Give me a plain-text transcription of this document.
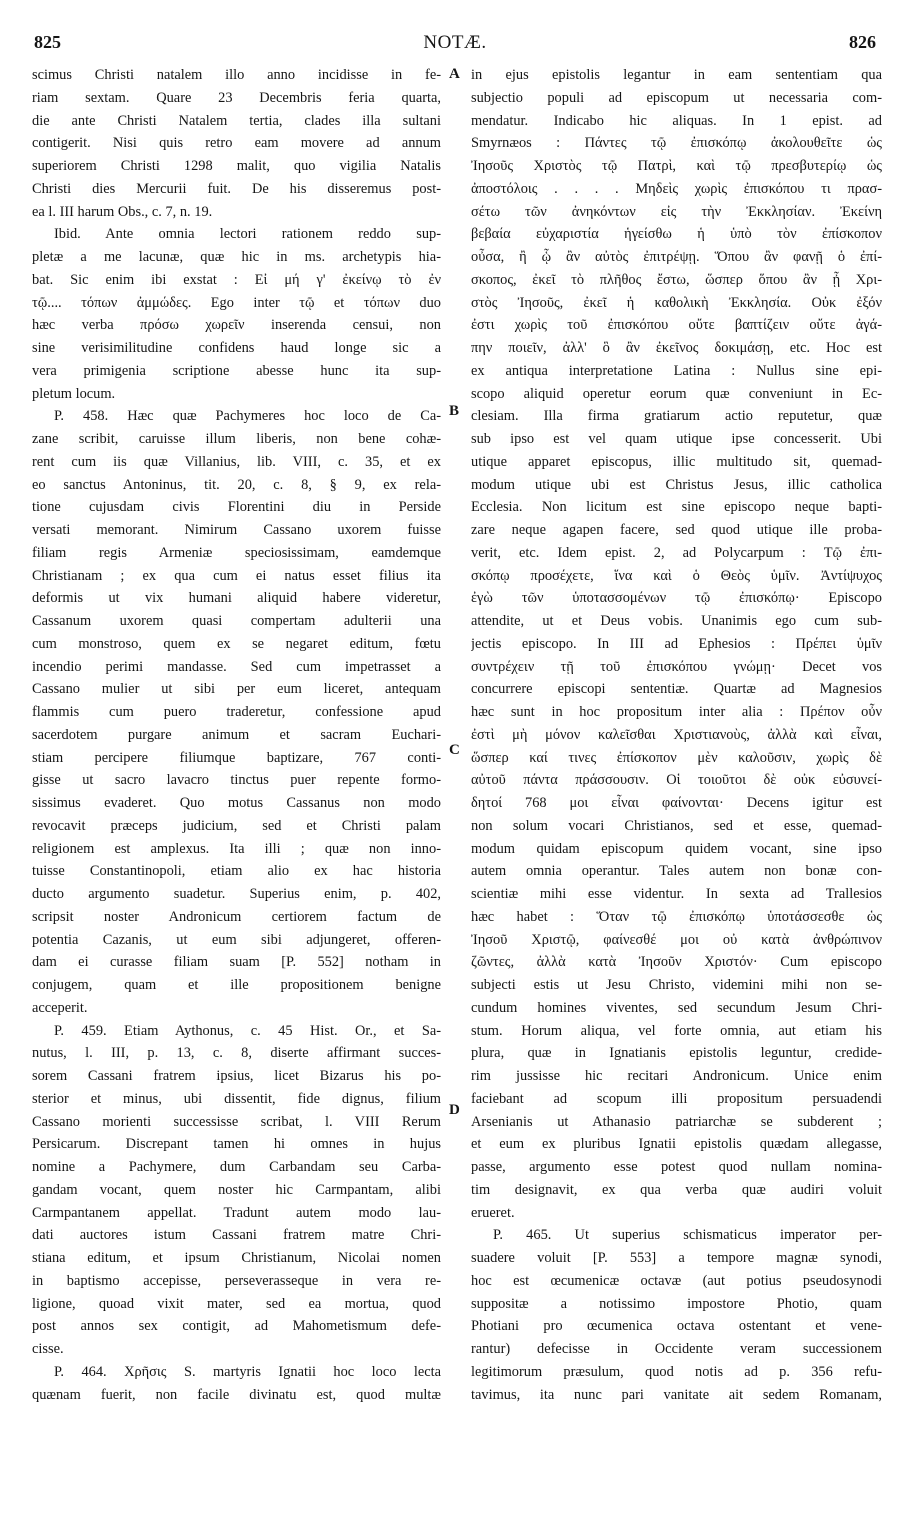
825	NOTÆ.	826
A
B
C
D
scimus Christi natalem illo anno incidisse in fe-
riam sextam. Quare 23 Decembris feria quarta,
die ante Christi Natalem tertia, clades illa sultani
contigerit. Nisi quis retro eam movere ad annum
superiorem Christi 1298 malit, quo vigilia Natalis
Christi dies Mercurii fuit. De his disseremus post-
ea l. III harum Obs., c. 7, n. 19.
Ibid. Ante omnia lectori rationem reddo sup-
pletæ a me lacunæ, quæ hic in ms. archetypis hia-
bat. Sic enim ibi exstat : Εἰ μή γ' ἐκείνῳ τὸ ἐν
τῷ.... τόπων ἀμμώδες. Ego inter τῷ et τόπων duo
hæc verba πρόσω χωρεῖν inserenda censui, non
sine verisimilitudine confidens haud longe sic a
vera primigenia scriptione abesse hunc ita sup-
pletum locum.
P. 458. Hæc quæ Pachymeres hoc loco de Ca-
zane scribit, caruisse illum liberis, non bene cohæ-
rent cum iis quæ Villanius, lib. VIII, c. 35, et ex
eo sanctus Antoninus, tit. 20, c. 8, § 9, ex rela-
tione cujusdam civis Florentini diu in Perside
versati memorant. Nimirum Cassano uxorem fuisse
filiam regis Armeniæ speciosissimam, eamdemque
Christianam ; ex qua cum ei natus esset filius ita
deformis ut vix humani aliquid habere videretur,
Cassanum uxorem quasi compertam adulterii una
cum monstroso, quem ex se negaret editum, fœtu
incendio perimi mandasse. Sed cum impetrasset a
Cassano mulier ut sibi per eum liceret, antequam
flammis cum puero traderetur, confessione apud
sacerdotem purgare animum et sacram Euchari-
stiam percipere filiumque baptizare, 767 conti-
gisse ut sacro lavacro tinctus puer repente formo-
sissimus evaderet. Quo motus Cassanus non modo
revocavit præceps judicium, sed et Christi palam
religionem est amplexus. Ita illi ; quæ non inno-
tuisse Constantinopoli, etiam alio ex hac historia
ducto argumento suadetur. Superius enim, p. 402,
scripsit noster Andronicum certiorem factum de
potentia Cazanis, ut eum sibi adjungeret, offeren-
dam ei curasse filiam suam [P. 552] notham in
conjugem, quam et ille propositionem benigne
acceperit.
P. 459. Etiam Aythonus, c. 45 Hist. Or., et Sa-
nutus, l. III, p. 13, c. 8, diserte affirmant succes-
sorem Cassani fratrem ipsius, licet Bizarus his po-
sterior et minus, ubi dissentit, fide dignus, filium
Cassano morienti successisse scribat, l. VIII Rerum
Persicarum. Discrepant tamen hi omnes in hujus
nomine a Pachymere, dum Carbandam seu Carba-
gandam vocant, quem noster hic Carmpantam, alibi
Carmpantanem appellat. Tradunt autem modo lau-
dati auctores istum Cassani fratrem matre Chri-
stiana editum, et ipsum Christianum, Nicolai nomen
in baptismo accepisse, perseverasseque in vera re-
ligione, quoad vixit mater, sed ea mortua, quod
post annos sex contigit, ad Mahometismum defe-
cisse.
P. 464. Χρῆσις S. martyris Ignatii hoc loco lecta
quænam fuerit, non facile divinatu est, quod multæ
in ejus epistolis legantur in eam sententiam qua
subjectio populi ad episcopum ut necessaria com-
mendatur. Indicabo hic aliquas. In 1 epist. ad
Smyrnæos : Πάντες τῷ ἐπισκόπῳ ἀκολουθεῖτε ὡς
Ἰησοῦς Χριστὸς τῷ Πατρὶ, καὶ τῷ πρεσβυτερίῳ ὡς
ἀποστόλοις . . . . Μηδεὶς χωρὶς ἐπισκόπου τι πρασ-
σέτω τῶν ἀνηκόντων εἰς τὴν Ἐκκλησίαν. Ἐκείνη
βεβαία εὐχαριστία ἡγείσθω ἡ ὑπὸ τὸν ἐπίσκοπον
οὖσα, ἢ ᾧ ἂν αὐτὸς ἐπιτρέψῃ. Ὅπου ἂν φανῇ ὁ ἐπί-
σκοπος, ἐκεῖ τὸ πλῆθος ἔστω, ὥσπερ ὅπου ἂν ᾖ Χρι-
στὸς Ἰησοῦς, ἐκεῖ ἡ καθολικὴ Ἐκκλησία. Οὐκ ἐξόν
ἐστι χωρὶς τοῦ ἐπισκόπου οὔτε βαπτίζειν οὔτε ἀγά-
πην ποιεῖν, ἀλλ' ὃ ἂν ἐκεῖνος δοκιμάσῃ, etc. Hoc est
ex antiqua interpretatione Latina : Nullus sine epi-
scopo aliquid operetur eorum quæ conveniunt in Ec-
clesiam. Illa firma gratiarum actio reputetur, quæ
sub ipso est vel quam utique ipse concesserit. Ubi
utique apparet episcopus, illic multitudo sit, quemad-
modum utique ubi est Christus Jesus, illic catholica
Ecclesia. Non licitum est sine episcopo neque bapti-
zare neque agapen facere, sed quod utique ille proba-
verit, etc. Idem epist. 2, ad Polycarpum : Τῷ ἐπι-
σκόπῳ προσέχετε, ἵνα καὶ ὁ Θεὸς ὑμῖν. Ἀντίψυχος
ἐγὼ τῶν ὑποτασσομένων τῷ ἐπισκόπῳ· Episcopo
attendite, ut et Deus vobis. Unanimis ego cum sub-
jectis episcopo. In III ad Ephesios : Πρέπει ὑμῖν
συντρέχειν τῇ τοῦ ἐπισκόπου γνώμῃ· Decet vos
concurrere episcopi sententiæ. Quartæ ad Magnesios
hæc sunt in hoc propositum inter alia : Πρέπον οὖν
ἐστὶ μὴ μόνον καλεῖσθαι Χριστιανοὺς, ἀλλὰ καὶ εἶναι,
ὥσπερ καί τινες ἐπίσκοπον μὲν καλοῦσιν, χωρὶς δὲ
αὐτοῦ πάντα πράσσουσιν. Οἱ τοιοῦτοι δὲ οὐκ εὐσυνεί-
δητοί 768 μοι εἶναι φαίνονται· Decens igitur est
non solum vocari Christianos, sed et esse, quemad-
modum quidam episcopum quidem vocant, sine ipso
autem omnia operantur. Tales autem non bonæ con-
scientiæ mihi esse videntur. In sexta ad Trallesios
hæc habet : Ὅταν τῷ ἐπισκόπῳ ὑποτάσσεσθε ὡς
Ἰησοῦ Χριστῷ, φαίνεσθέ μοι οὐ κατὰ ἀνθρώπινον
ζῶντες, ἀλλὰ κατὰ Ἰησοῦν Χριστόν· Cum episcopo
subjecti estis ut Jesu Christo, videmini mihi non se-
cundum homines viventes, sed secundum Jesum Chri-
stum. Horum aliqua, vel forte omnia, aut etiam his
plura, quæ in Ignatianis epistolis leguntur, credide-
rim jussisse hic recitari Andronicum. Unice enim
faciebant ad scopum illi propositum persuadendi
Arsenianis ut Athanasio patriarchæ se subderent ;
et eum ex pluribus Ignatii epistolis quædam allegasse,
passe, argumento esse potest quod nullam nomina-
tim designavit, ex qua verba quæ audiri voluit
erueret.
P. 465. Ut superius schismaticus imperator per-
suadere voluit [P. 553] a tempore magnæ synodi,
hoc est œcumenicæ octavæ (aut potius pseudosynodi
suppositæ a notissimo impostore Photio, quam
Photiani pro œcumenica octava ostentant et vene-
rantur) defecisse in Occidente veram successionem
legitimorum præsulum, quod notis ad p. 356 refu-
tavimus, ita nunc pari vanitate ait sedem Romanam,
